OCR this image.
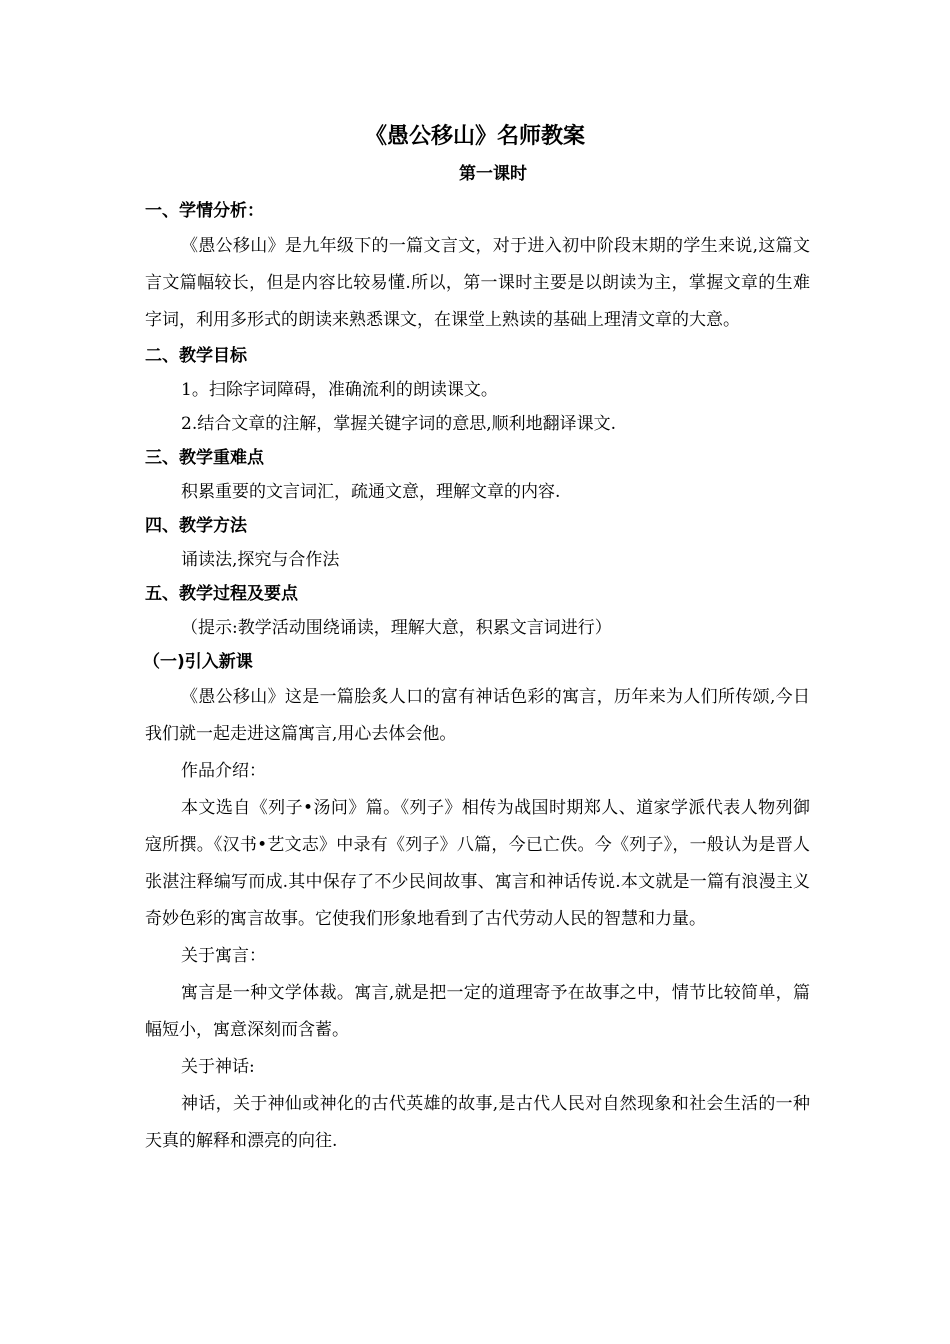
《愚公移山》名师教案
第一课时

一、学情分析：

《愚公移山》是九年级下的一篇文言文，对于进入初中阶段末期的学生来说,这篇文言文篇幅较长，但是内容比较易懂.所以，第一课时主要是以朗读为主，掌握文章的生难字词，利用多形式的朗读来熟悉课文，在课堂上熟读的基础上理清文章的大意。

二、教学目标

1。扫除字词障碍，准确流利的朗读课文。

2.结合文章的注解，掌握关键字词的意思,顺利地翻译课文.

三、教学重难点

积累重要的文言词汇，疏通文意，理解文章的内容.

四、教学方法

诵读法,探究与合作法

五、教学过程及要点

（提示:教学活动围绕诵读，理解大意，积累文言词进行）

（一)引入新课

《愚公移山》这是一篇脍炙人口的富有神话色彩的寓言，历年来为人们所传颂,今日我们就一起走进这篇寓言,用心去体会他。

作品介绍：

本文选自《列子•汤问》篇。《列子》相传为战国时期郑人、道家学派代表人物列御寇所撰。《汉书•艺文志》中录有《列子》八篇，今已亡佚。今《列子》，一般认为是晋人张湛注释编写而成.其中保存了不少民间故事、寓言和神话传说.本文就是一篇有浪漫主义奇妙色彩的寓言故事。它使我们形象地看到了古代劳动人民的智慧和力量。

关于寓言：

寓言是一种文学体裁。寓言,就是把一定的道理寄予在故事之中，情节比较简单，篇幅短小，寓意深刻而含蓄。

关于神话:

神话，关于神仙或神化的古代英雄的故事,是古代人民对自然现象和社会生活的一种天真的解释和漂亮的向往.
